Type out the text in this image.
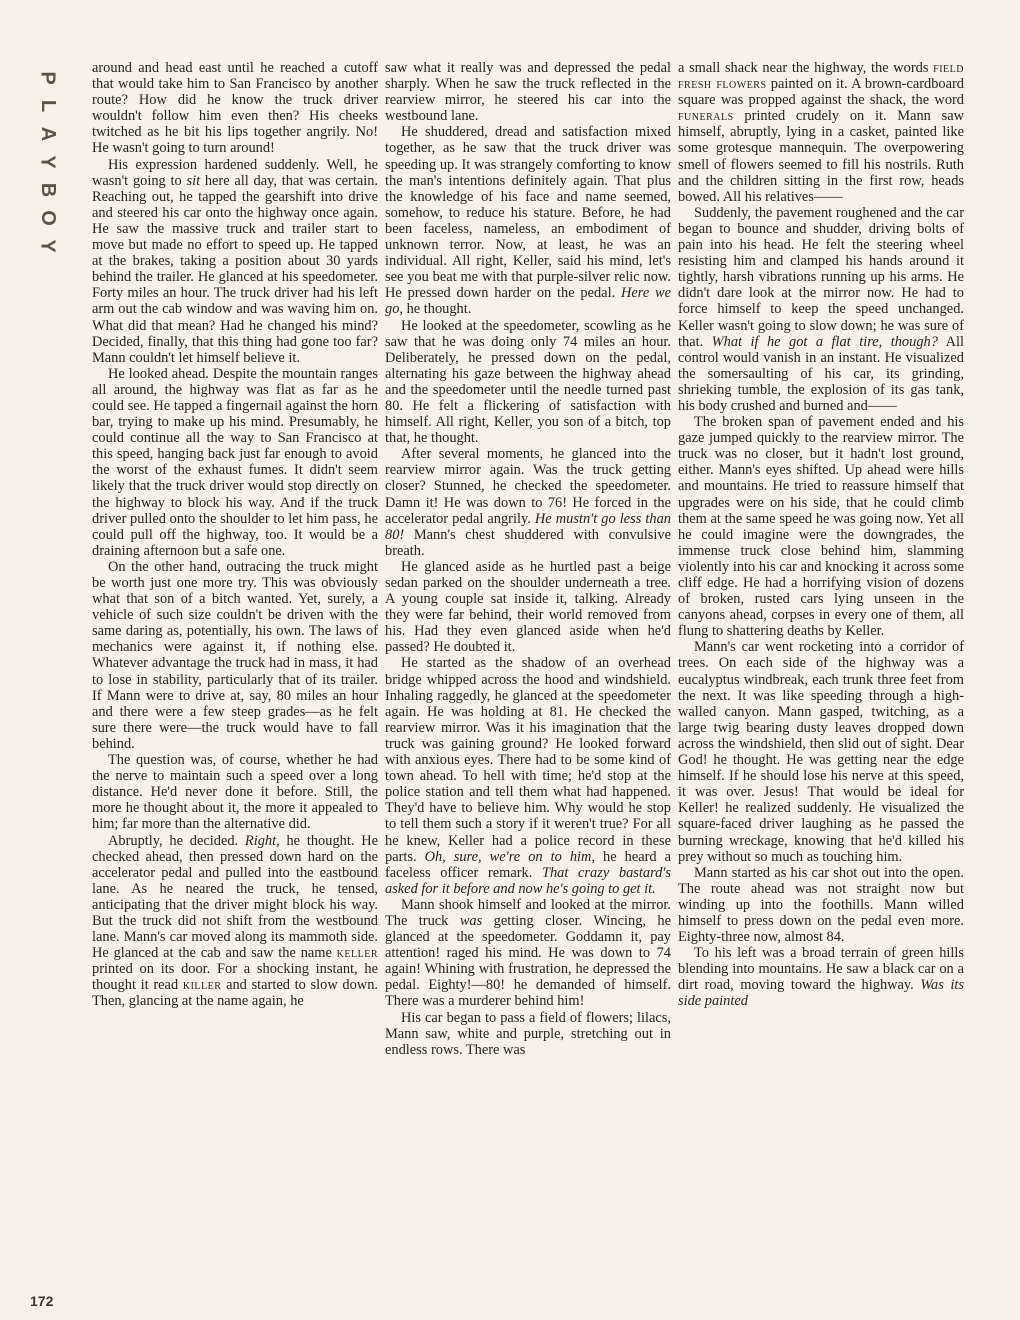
P
L
A
Y
B
O
Y

around and head east until he reached a cutoff that would take him to San Francisco by another route? How did he know the truck driver wouldn't follow him even then? His cheeks twitched as he bit his lips together angrily. No! He wasn't going to turn around!

His expression hardened suddenly. Well, he wasn't going to sit here all day, that was certain. Reaching out, he tapped the gearshift into drive and steered his car onto the highway once again. He saw the massive truck and trailer start to move but made no effort to speed up. He tapped at the brakes, taking a position about 30 yards behind the trailer. He glanced at his speedometer. Forty miles an hour. The truck driver had his left arm out the cab window and was waving him on. What did that mean? Had he changed his mind? Decided, finally, that this thing had gone too far? Mann couldn't let himself believe it.

He looked ahead. Despite the mountain ranges all around, the highway was flat as far as he could see. He tapped a fingernail against the horn bar, trying to make up his mind. Presumably, he could continue all the way to San Francisco at this speed, hanging back just far enough to avoid the worst of the exhaust fumes. It didn't seem likely that the truck driver would stop directly on the highway to block his way. And if the truck driver pulled onto the shoulder to let him pass, he could pull off the highway, too. It would be a draining afternoon but a safe one.

On the other hand, outracing the truck might be worth just one more try. This was obviously what that son of a bitch wanted. Yet, surely, a vehicle of such size couldn't be driven with the same daring as, potentially, his own. The laws of mechanics were against it, if nothing else. Whatever advantage the truck had in mass, it had to lose in stability, particularly that of its trailer. If Mann were to drive at, say, 80 miles an hour and there were a few steep grades—as he felt sure there were—the truck would have to fall behind.

The question was, of course, whether he had the nerve to maintain such a speed over a long distance. He'd never done it before. Still, the more he thought about it, the more it appealed to him; far more than the alternative did.

Abruptly, he decided. Right, he thought. He checked ahead, then pressed down hard on the accelerator pedal and pulled into the eastbound lane. As he neared the truck, he tensed, anticipating that the driver might block his way. But the truck did not shift from the westbound lane. Mann's car moved along its mammoth side. He glanced at the cab and saw the name keller printed on its door. For a shocking instant, he thought it read killer and started to slow down. Then, glancing at the name again, he

saw what it really was and depressed the pedal sharply. When he saw the truck reflected in the rearview mirror, he steered his car into the westbound lane.

He shuddered, dread and satisfaction mixed together, as he saw that the truck driver was speeding up. It was strangely comforting to know the man's intentions definitely again. That plus the knowledge of his face and name seemed, somehow, to reduce his stature. Before, he had been faceless, nameless, an embodiment of unknown terror. Now, at least, he was an individual. All right, Keller, said his mind, let's see you beat me with that purple-silver relic now. He pressed down harder on the pedal. Here we go, he thought.

He looked at the speedometer, scowling as he saw that he was doing only 74 miles an hour. Deliberately, he pressed down on the pedal, alternating his gaze between the highway ahead and the speedometer until the needle turned past 80. He felt a flickering of satisfaction with himself. All right, Keller, you son of a bitch, top that, he thought.

After several moments, he glanced into the rearview mirror again. Was the truck getting closer? Stunned, he checked the speedometer. Damn it! He was down to 76! He forced in the accelerator pedal angrily. He mustn't go less than 80! Mann's chest shuddered with convulsive breath.

He glanced aside as he hurtled past a beige sedan parked on the shoulder underneath a tree. A young couple sat inside it, talking. Already they were far behind, their world removed from his. Had they even glanced aside when he'd passed? He doubted it.

He started as the shadow of an overhead bridge whipped across the hood and windshield. Inhaling raggedly, he glanced at the speedometer again. He was holding at 81. He checked the rearview mirror. Was it his imagination that the truck was gaining ground? He looked forward with anxious eyes. There had to be some kind of town ahead. To hell with time; he'd stop at the police station and tell them what had happened. They'd have to believe him. Why would he stop to tell them such a story if it weren't true? For all he knew, Keller had a police record in these parts. Oh, sure, we're on to him, he heard a faceless officer remark. That crazy bastard's asked for it before and now he's going to get it.

Mann shook himself and looked at the mirror. The truck was getting closer. Wincing, he glanced at the speedometer. Goddamn it, pay attention! raged his mind. He was down to 74 again! Whining with frustration, he depressed the pedal. Eighty!—80! he demanded of himself. There was a murderer behind him!

His car began to pass a field of flowers; lilacs, Mann saw, white and purple, stretching out in endless rows. There was

a small shack near the highway, the words field fresh flowers painted on it. A brown-cardboard square was propped against the shack, the word funerals printed crudely on it. Mann saw himself, abruptly, lying in a casket, painted like some grotesque mannequin. The overpowering smell of flowers seemed to fill his nostrils. Ruth and the children sitting in the first row, heads bowed. All his relatives——

Suddenly, the pavement roughened and the car began to bounce and shudder, driving bolts of pain into his head. He felt the steering wheel resisting him and clamped his hands around it tightly, harsh vibrations running up his arms. He didn't dare look at the mirror now. He had to force himself to keep the speed unchanged. Keller wasn't going to slow down; he was sure of that. What if he got a flat tire, though? All control would vanish in an instant. He visualized the somersaulting of his car, its grinding, shrieking tumble, the explosion of its gas tank, his body crushed and burned and——

The broken span of pavement ended and his gaze jumped quickly to the rearview mirror. The truck was no closer, but it hadn't lost ground, either. Mann's eyes shifted. Up ahead were hills and mountains. He tried to reassure himself that upgrades were on his side, that he could climb them at the same speed he was going now. Yet all he could imagine were the downgrades, the immense truck close behind him, slamming violently into his car and knocking it across some cliff edge. He had a horrifying vision of dozens of broken, rusted cars lying unseen in the canyons ahead, corpses in every one of them, all flung to shattering deaths by Keller.

Mann's car went rocketing into a corridor of trees. On each side of the highway was a eucalyptus windbreak, each trunk three feet from the next. It was like speeding through a high-walled canyon. Mann gasped, twitching, as a large twig bearing dusty leaves dropped down across the windshield, then slid out of sight. Dear God! he thought. He was getting near the edge himself. If he should lose his nerve at this speed, it was over. Jesus! That would be ideal for Keller! he realized suddenly. He visualized the square-faced driver laughing as he passed the burning wreckage, knowing that he'd killed his prey without so much as touching him.

Mann started as his car shot out into the open. The route ahead was not straight now but winding up into the foothills. Mann willed himself to press down on the pedal even more. Eighty-three now, almost 84.

To his left was a broad terrain of green hills blending into mountains. He saw a black car on a dirt road, moving toward the highway. Was its side painted

172
